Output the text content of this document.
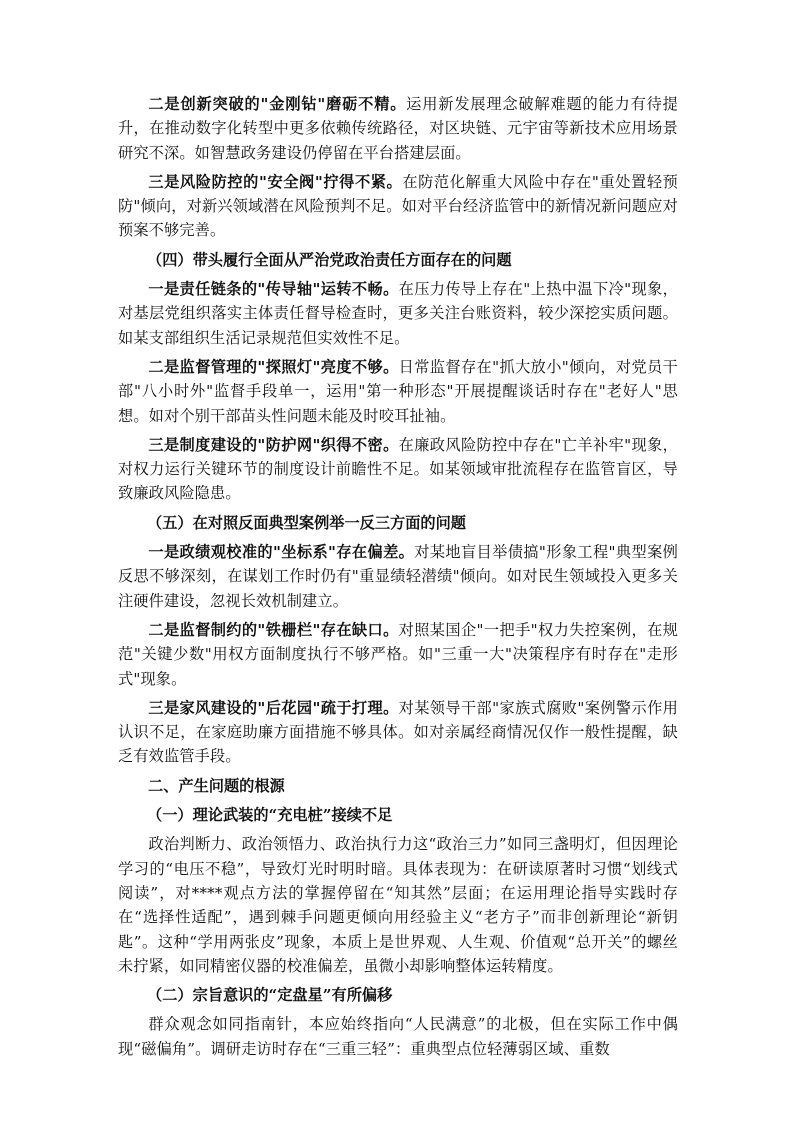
二是创新突破的"金刚钻"磨砺不精。运用新发展理念破解难题的能力有待提升，在推动数字化转型中更多依赖传统路径，对区块链、元宇宙等新技术应用场景研究不深。如智慧政务建设仍停留在平台搭建层面。

三是风险防控的"安全阀"拧得不紧。在防范化解重大风险中存在"重处置轻预防"倾向，对新兴领域潜在风险预判不足。如对平台经济监管中的新情况新问题应对预案不够完善。

（四）带头履行全面从严治党政治责任方面存在的问题

一是责任链条的"传导轴"运转不畅。在压力传导上存在"上热中温下冷"现象，对基层党组织落实主体责任督导检查时，更多关注台账资料，较少深挖实质问题。如某支部组织生活记录规范但实效性不足。

二是监督管理的"探照灯"亮度不够。日常监督存在"抓大放小"倾向，对党员干部"八小时外"监督手段单一，运用"第一种形态"开展提醒谈话时存在"老好人"思想。如对个别干部苗头性问题未能及时咬耳扯袖。

三是制度建设的"防护网"织得不密。在廉政风险防控中存在"亡羊补牢"现象，对权力运行关键环节的制度设计前瞻性不足。如某领域审批流程存在监管盲区，导致廉政风险隐患。

（五）在对照反面典型案例举一反三方面的问题

一是政绩观校准的"坐标系"存在偏差。对某地盲目举债搞"形象工程"典型案例反思不够深刻，在谋划工作时仍有"重显绩轻潜绩"倾向。如对民生领域投入更多关注硬件建设，忽视长效机制建立。

二是监督制约的"铁栅栏"存在缺口。对照某国企"一把手"权力失控案例，在规范"关键少数"用权方面制度执行不够严格。如"三重一大"决策程序有时存在"走形式"现象。

三是家风建设的"后花园"疏于打理。对某领导干部"家族式腐败"案例警示作用认识不足，在家庭助廉方面措施不够具体。如对亲属经商情况仅作一般性提醒，缺乏有效监管手段。

二、产生问题的根源

（一）理论武装的“充电桩”接续不足

政治判断力、政治领悟力、政治执行力这“政治三力”如同三盏明灯，但因理论学习的“电压不稳”，导致灯光时明时暗。具体表现为：在研读原著时习惯“划线式阅读”，对****观点方法的掌握停留在“知其然”层面；在运用理论指导实践时存在“选择性适配”，遇到棘手问题更倾向用经验主义“老方子”而非创新理论“新钥匙”。这种“学用两张皮”现象，本质上是世界观、人生观、价值观“总开关”的螺丝未拧紧，如同精密仪器的校准偏差，虽微小却影响整体运转精度。

（二）宗旨意识的“定盘星”有所偏移

群众观念如同指南针，本应始终指向“人民满意”的北极，但在实际工作中偶现“磁偏角”。调研走访时存在“三重三轻”：重典型点位轻薄弱区域、重数
